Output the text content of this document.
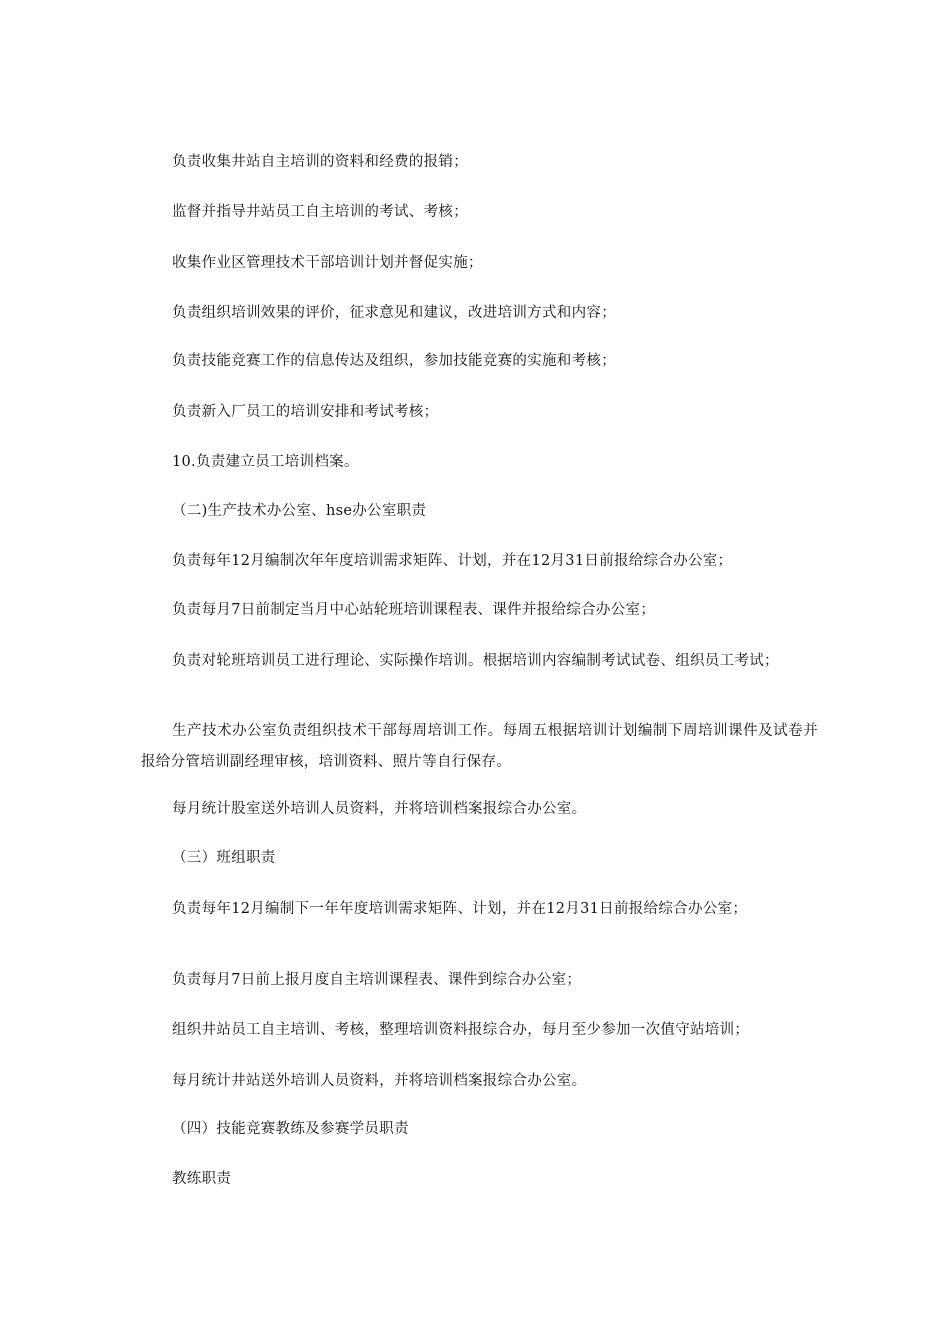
负责收集井站自主培训的资料和经费的报销；

监督并指导井站员工自主培训的考试、考核；

收集作业区管理技术干部培训计划并督促实施；

负责组织培训效果的评价，征求意见和建议，改进培训方式和内容；

负责技能竞赛工作的信息传达及组织，参加技能竞赛的实施和考核；

负责新入厂员工的培训安排和考试考核；

10.负责建立员工培训档案。

（二)生产技术办公室、hse办公室职责

负责每年12月编制次年年度培训需求矩阵、计划，并在12月31日前报给综合办公室；

负责每月7日前制定当月中心站轮班培训课程表、课件并报给综合办公室；

负责对轮班培训员工进行理论、实际操作培训。根据培训内容编制考试试卷、组织员工考试；

生产技术办公室负责组织技术干部每周培训工作。每周五根据培训计划编制下周培训课件及试卷并报给分管培训副经理审核，培训资料、照片等自行保存。

每月统计股室送外培训人员资料，并将培训档案报综合办公室。

（三）班组职责

负责每年12月编制下一年年度培训需求矩阵、计划，并在12月31日前报给综合办公室；

负责每月7日前上报月度自主培训课程表、课件到综合办公室；

组织井站员工自主培训、考核，整理培训资料报综合办，每月至少参加一次值守站培训；

每月统计井站送外培训人员资料，并将培训档案报综合办公室。

（四）技能竞赛教练及参赛学员职责

教练职责
